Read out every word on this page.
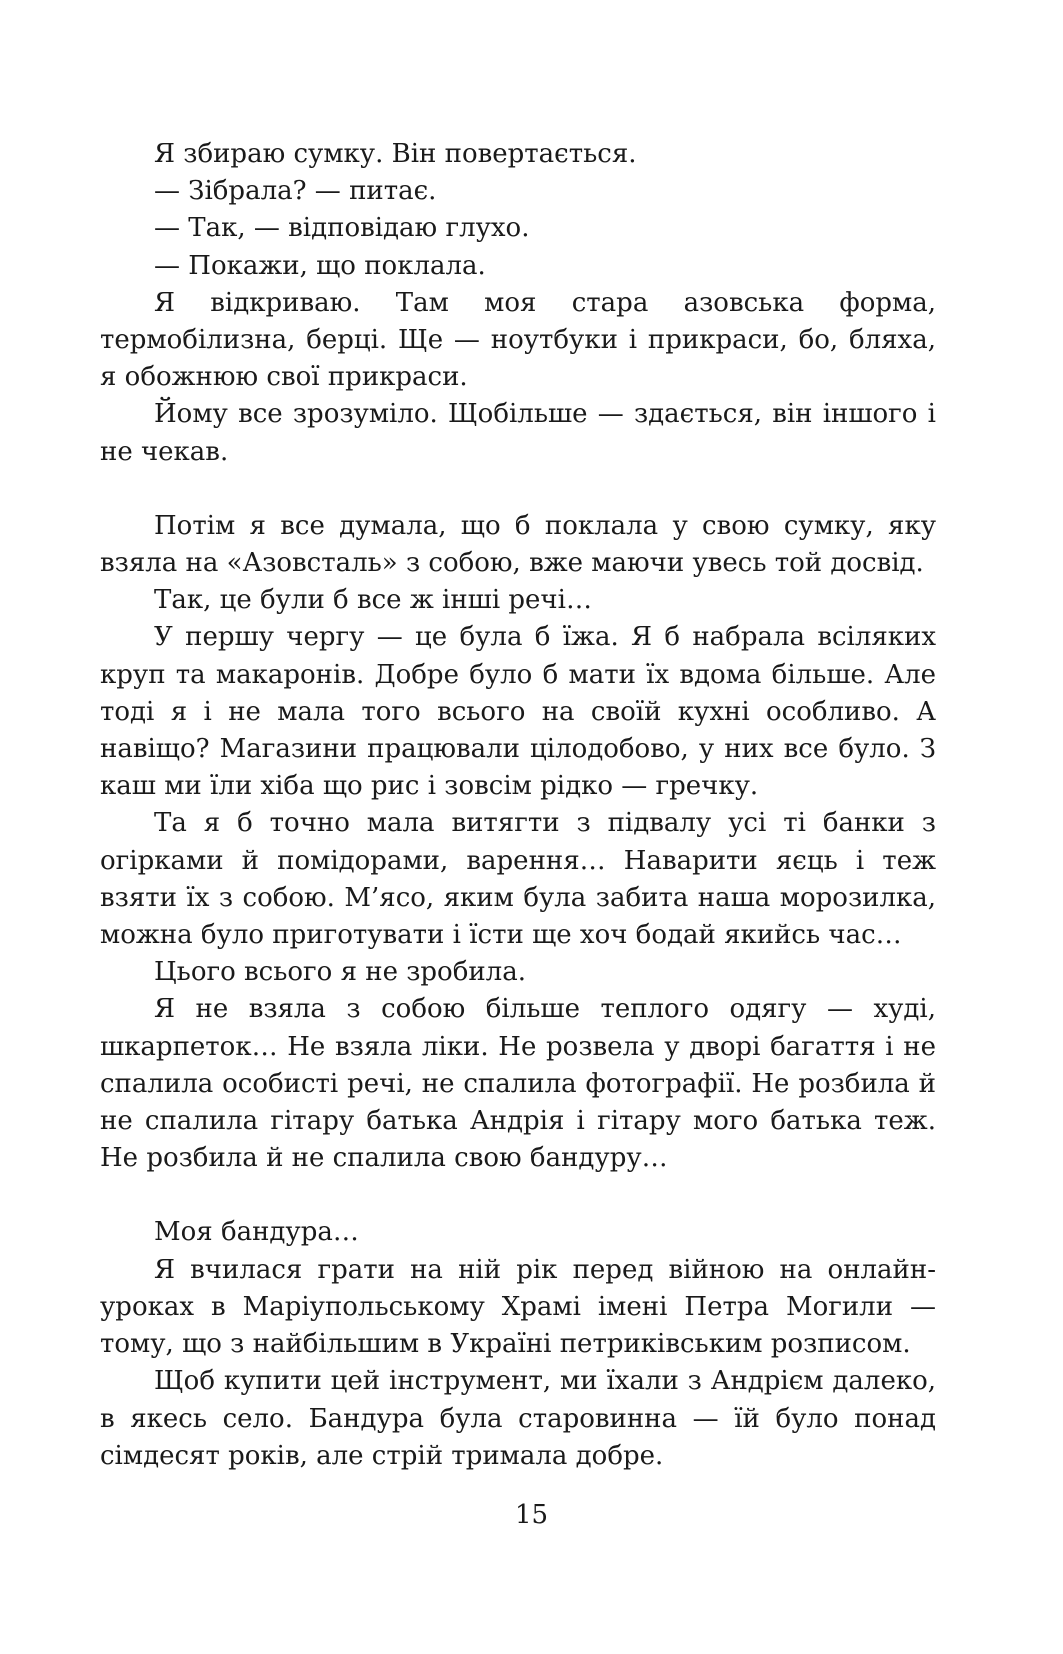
Я збираю сумку. Він повертається.

— Зібрала? — питає.

— Так, — відповідаю глухо.

— Покажи, що поклала.

Я відкриваю. Там моя стара азовська форма, термобілизна, берці. Ще — ноутбуки і прикраси, бо, бляха, я обожнюю свої прикраси.

Йому все зрозуміло. Щобільше — здається, він іншого і не чекав.

Потім я все думала, що б поклала у свою сумку, яку взяла на «Азовсталь» з собою, вже маючи увесь той досвід.

Так, це були б все ж інші речі…

У першу чергу — це була б їжа. Я б набрала всіляких круп та макаронів. Добре було б мати їх вдома більше. Але тоді я і не мала того всього на своїй кухні особливо. А навіщо? Магазини працювали цілодобово, у них все було. З каш ми їли хіба що рис і зовсім рідко — гречку.

Та я б точно мала витягти з підвалу усі ті банки з огірками й помідорами, варення… Наварити яєць і теж взяти їх з собою. М’ясо, яким була забита наша морозилка, можна було приготувати і їсти ще хоч бодай якийсь час…

Цього всього я не зробила.

Я не взяла з собою більше теплого одягу — худі, шкарпеток… Не взяла ліки. Не розвела у дворі багаття і не спалила особисті речі, не спалила фотографії. Не розбила й не спалила гітару батька Андрія і гітару мого батька теж. Не розбила й не спалила свою бандуру…

Моя бандура…

Я вчилася грати на ній рік перед війною на онлайн-уроках в Маріупольському Храмі імені Петра Могили — тому, що з найбільшим в Україні петриківським розписом.

Щоб купити цей інструмент, ми їхали з Андрієм далеко, в якесь село. Бандура була старовинна — їй було понад сімдесят років, але стрій тримала добре.

15
